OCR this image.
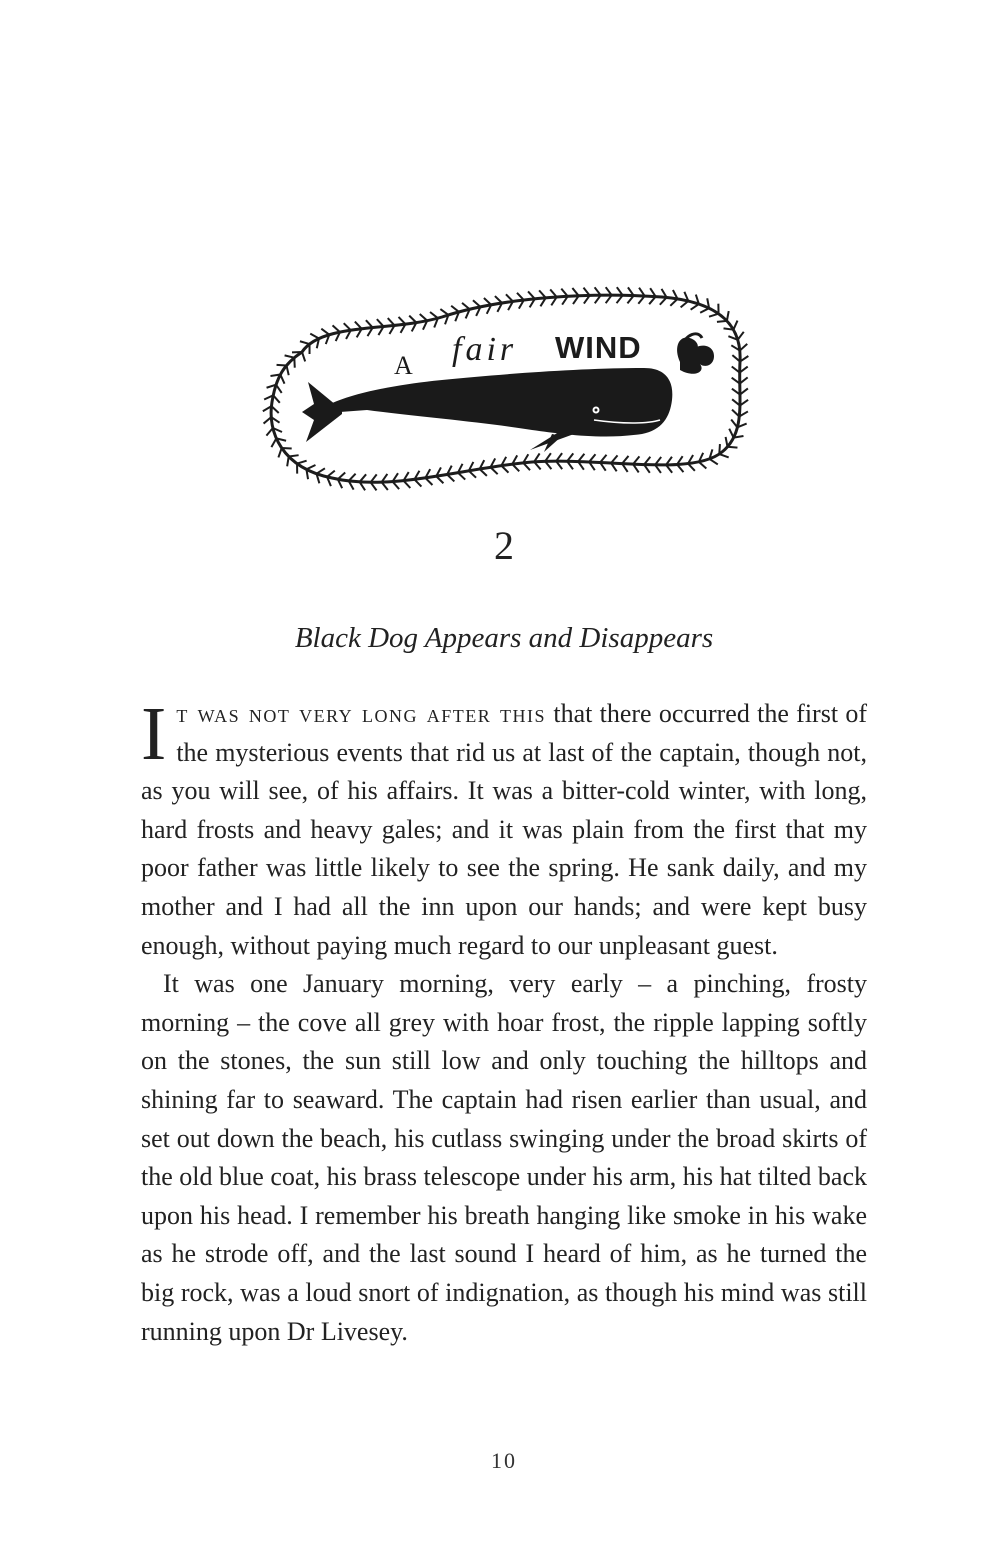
A fair WIND
2
Black Dog Appears and Disappears

It was not very long after this that there occurred the first of the mysterious events that rid us at last of the captain, though not, as you will see, of his affairs. It was a bitter-cold winter, with long, hard frosts and heavy gales; and it was plain from the first that my poor father was little likely to see the spring. He sank daily, and my mother and I had all the inn upon our hands; and were kept busy enough, without paying much regard to our unpleasant guest.

It was one January morning, very early – a pinching, frosty morning – the cove all grey with hoar frost, the ripple lapping softly on the stones, the sun still low and only touching the hilltops and shining far to seaward. The captain had risen earlier than usual, and set out down the beach, his cutlass swinging under the broad skirts of the old blue coat, his brass telescope under his arm, his hat tilted back upon his head. I remember his breath hanging like smoke in his wake as he strode off, and the last sound I heard of him, as he turned the big rock, was a loud snort of indignation, as though his mind was still running upon Dr Livesey.

10
